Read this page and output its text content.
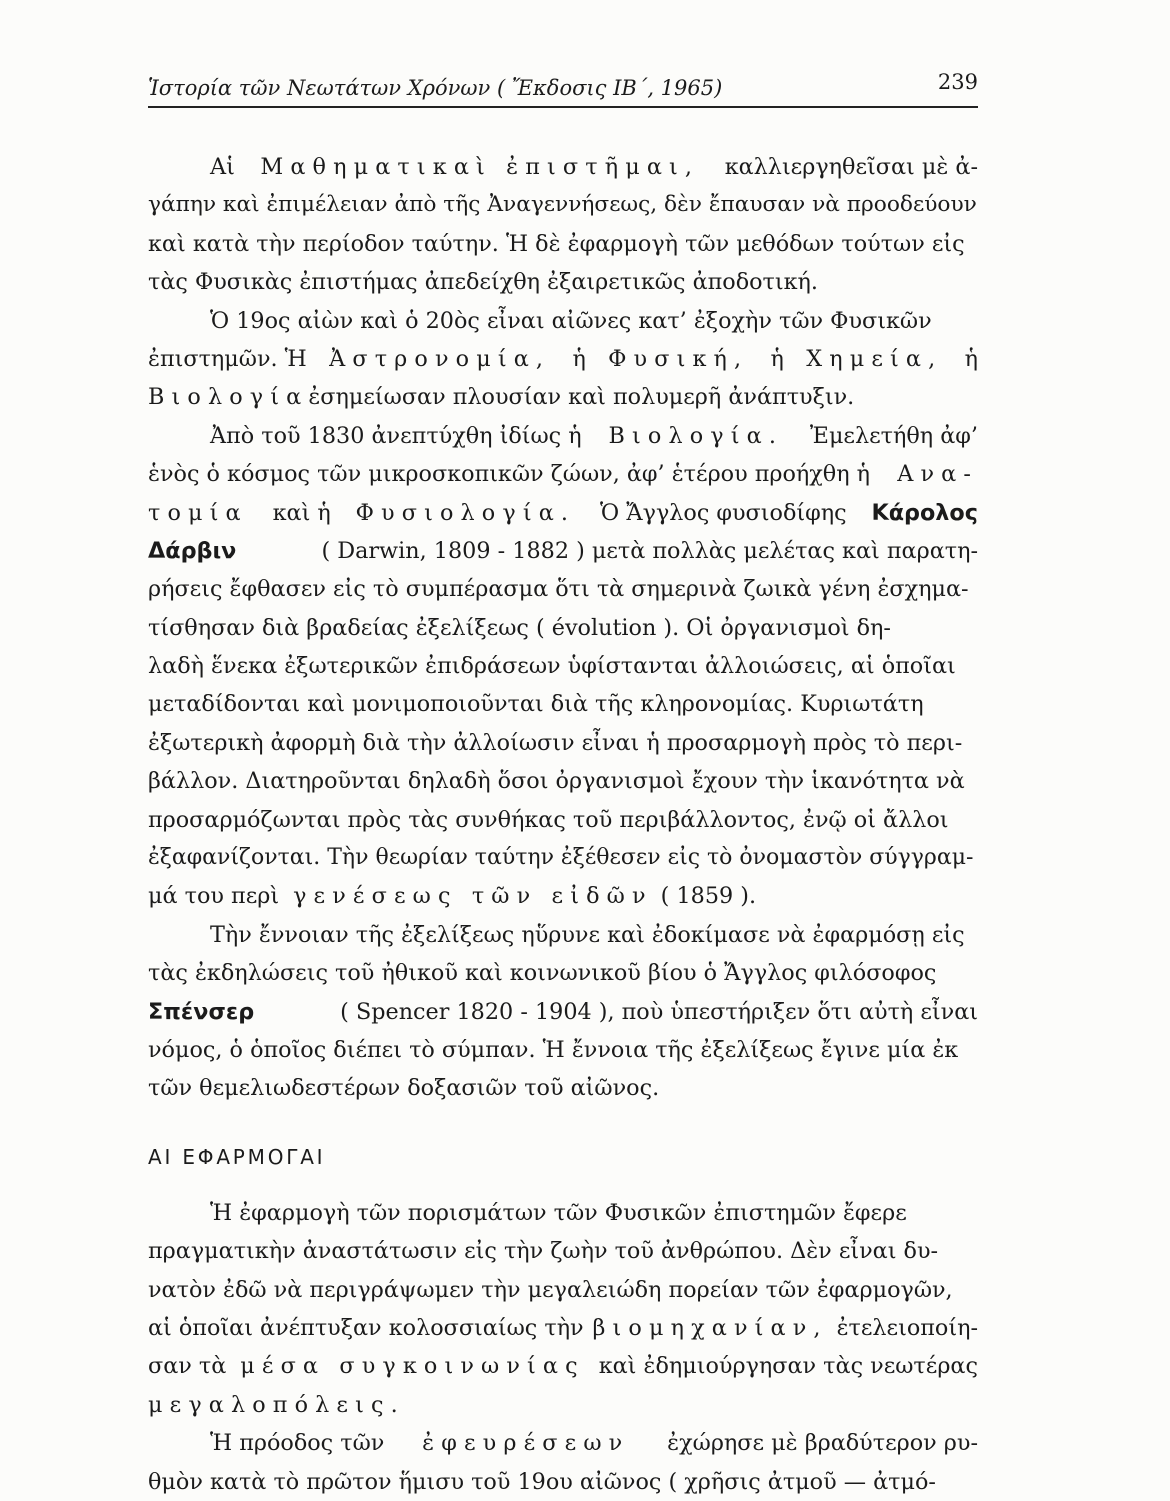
Ἱστορία τῶν Νεωτάτων Χρόνων ( Ἔκδοσις ΙΒ΄, 1965)	239
Αἱ Μαθηματικαὶ ἐπιστῆμαι, καλλιεργηθεῖσαι μὲ ἀ-
γάπην καὶ ἐπιμέλειαν ἀπὸ τῆς Ἀναγεννήσεως, δὲν ἔπαυσαν νὰ προοδεύουν
καὶ κατὰ τὴν περίοδον ταύτην. Ἡ δὲ ἐφαρμογὴ τῶν μεθόδων τούτων εἰς
τὰς Φυσικὰς ἐπιστήμας ἀπεδείχθη ἐξαιρετικῶς ἀποδοτική.
Ὁ 19ος αἰὼν καὶ ὁ 20ὸς εἶναι αἰῶνες κατ’ ἐξοχὴν τῶν Φυσικῶν
ἐπιστημῶν. Ἡ Ἀστρονομία, ἡ Φυσική, ἡ Χημεία, ἡ
Βιολογία ἐσημείωσαν πλουσίαν καὶ πολυμερῆ ἀνάπτυξιν.
Ἀπὸ τοῦ 1830 ἀνεπτύχθη ἰδίως ἡ Βιολογία. Ἐμελετήθη ἀφ’
ἑνὸς ὁ κόσμος τῶν μικροσκοπικῶν ζώων, ἀφ’ ἑτέρου προήχθη ἡ Ανα-
τομία καὶ ἡ Φυσιολογία. Ὁ Ἄγγλος φυσιοδίφης Κάρολος
Δάρβιν	( Darwin, 1809 - 1882 ) μετὰ πολλὰς μελέτας καὶ παρατη-
ρήσεις ἔφθασεν εἰς τὸ συμπέρασμα ὅτι τὰ σημερινὰ ζωικὰ γένη ἐσχημα-
τίσθησαν διὰ βραδείας ἐξελίξεως ( évolution ). Οἱ ὀργανισμοὶ δη-
λαδὴ ἕνεκα ἐξωτερικῶν ἐπιδράσεων ὑφίστανται ἀλλοιώσεις, αἱ ὁποῖαι
μεταδίδονται καὶ μονιμοποιοῦνται διὰ τῆς κληρονομίας. Κυριωτάτη
ἐξωτερικὴ ἀφορμὴ διὰ τὴν ἀλλοίωσιν εἶναι ἡ προσαρμογὴ πρὸς τὸ περι-
βάλλον. Διατηροῦνται δηλαδὴ ὅσοι ὀργανισμοὶ ἔχουν τὴν ἱκανότητα νὰ
προσαρμόζωνται πρὸς τὰς συνθήκας τοῦ περιβάλλοντος, ἐνῷ οἱ ἄλλοι
ἐξαφανίζονται. Τὴν θεωρίαν ταύτην ἐξέθεσεν εἰς τὸ ὀνομαστὸν σύγγραμ-
μά του περὶ γενέσεως τῶν εἰδῶν ( 1859 ).
Τὴν ἔννοιαν τῆς ἐξελίξεως ηὕρυνε καὶ ἐδοκίμασε νὰ ἐφαρμόσῃ εἰς
τὰς ἐκδηλώσεις τοῦ ἠθικοῦ καὶ κοινωνικοῦ βίου ὁ Ἄγγλος φιλόσοφος
Σπένσερ	( Spencer 1820 - 1904 ), ποὺ ὑπεστήριξεν ὅτι αὐτὴ εἶναι
νόμος, ὁ ὁποῖος διέπει τὸ σύμπαν. Ἡ ἔννοια τῆς ἐξελίξεως ἔγινε μία ἐκ
τῶν θεμελιωδεστέρων δοξασιῶν τοῦ αἰῶνος.
ΑΙ ΕΦΑΡΜΟΓΑΙ
Ἡ ἐφαρμογὴ τῶν πορισμάτων τῶν Φυσικῶν ἐπιστημῶν ἔφερε
πραγματικὴν ἀναστάτωσιν εἰς τὴν ζωὴν τοῦ ἀνθρώπου. Δὲν εἶναι δυ-
νατὸν ἐδῶ νὰ περιγράψωμεν τὴν μεγαλειώδη πορείαν τῶν ἐφαρμογῶν,
αἱ ὁποῖαι ἀνέπτυξαν κολοσσιαίως τὴν βιομηχανίαν, ἐτελειοποίη-
σαν τὰ μέσα συγκοινωνίας καὶ ἐδημιούργησαν τὰς νεωτέρας
μεγαλοπόλεις.
Ἡ πρόοδος τῶν ἐφευρέσεων ἐχώρησε μὲ βραδύτερον ρυ-
θμὸν κατὰ τὸ πρῶτον ἥμισυ τοῦ 19ου αἰῶνος ( χρῆσις ἀτμοῦ — ἀτμό-
